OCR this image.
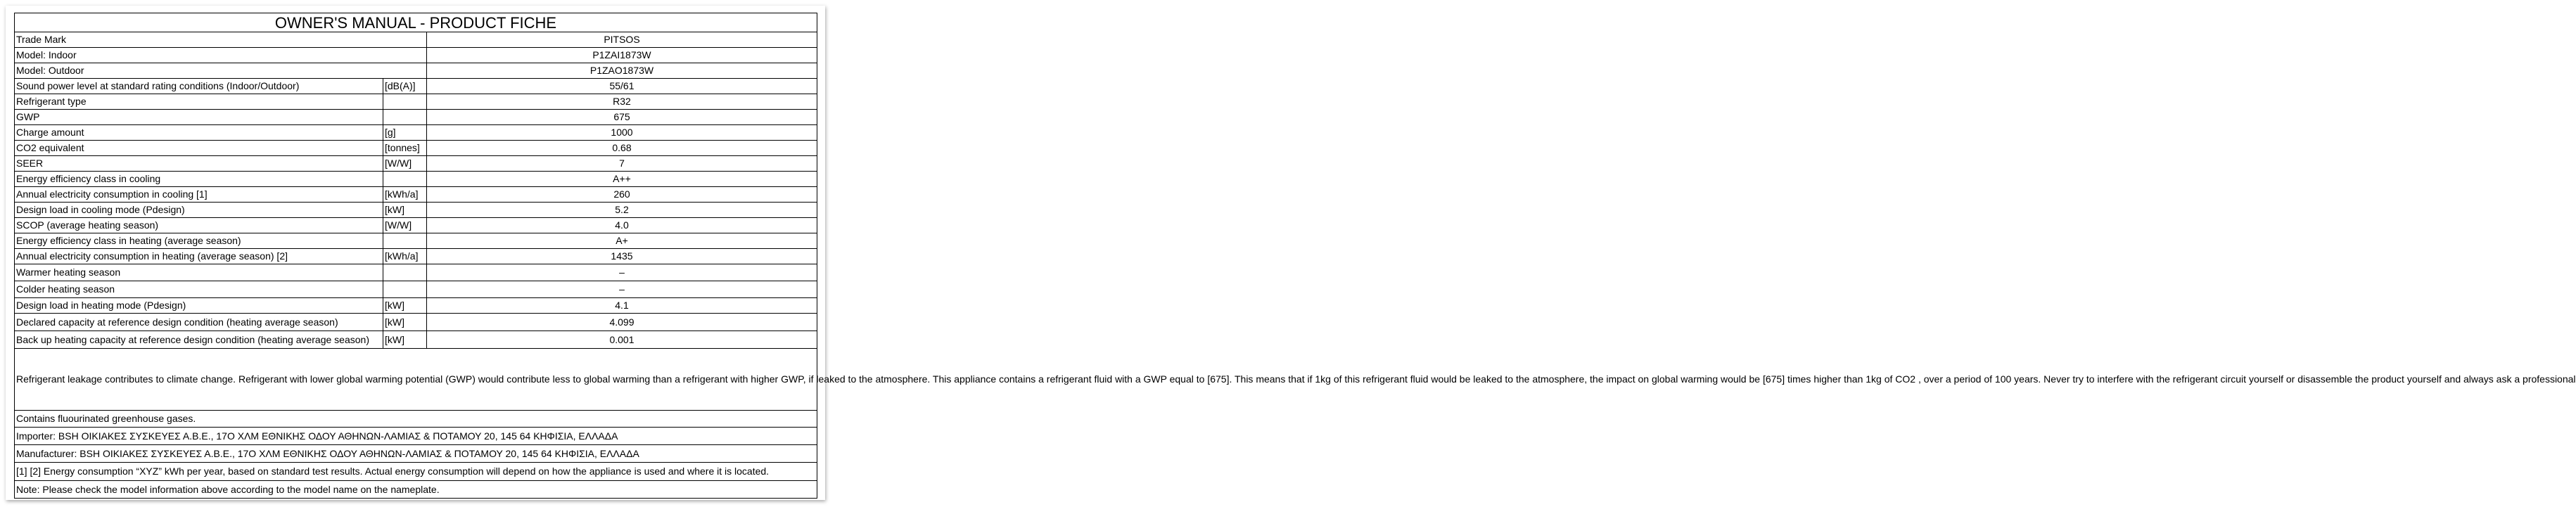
OWNER'S MANUAL - PRODUCT FICHE		
Trade Mark		PITSOS
Model: Indoor		P1ZAI1873W
Model: Outdoor		P1ZAO1873W
Sound power level at standard rating conditions (Indoor/Outdoor)	[dB(A)]	55/61
Refrigerant type		R32
GWP		675
Charge amount	[g]	1000
CO2 equivalent	[tonnes]	0.68
SEER	[W/W]	7
Energy efficiency class in cooling		A++
Annual electricity consumption in cooling [1]	[kWh/a]	260
Design load in cooling mode (Pdesign)	[kW]	5.2
SCOP (average heating season)	[W/W]	4.0
Energy efficiency class in heating (average season)		A+
Annual electricity consumption in heating (average season) [2]	[kWh/a]	1435
Warmer heating season		–
Colder heating season		–
Design load in heating mode (Pdesign)	[kW]	4.1
Declared capacity at reference design condition (heating average season)	[kW]	4.099
Back up heating capacity at reference design condition (heating average season)	[kW]	0.001
Refrigerant leakage contributes to climate change. Refrigerant with lower global warming potential (GWP) would contribute less to global warming than a refrigerant with higher GWP, if leaked to the atmosphere. This appliance contains a refrigerant fluid with a GWP equal to [675]. This means that if 1kg of this refrigerant fluid would be leaked to the atmosphere, the impact on global warming would be [675] times higher than 1kg of CO2 , over a period of 100 years. Never try to interfere with the refrigerant circuit yourself or disassemble the product yourself and always ask a professional		
Contains fluourinated greenhouse gases.		
Importer: BSH ΟΙΚΙΑΚΕΣ ΣΥΣΚΕΥΕΣ Α.Β.Ε., 17Ο ΧΛΜ ΕΘΝΙΚΗΣ ΟΔΟΥ ΑΘΗΝΩΝ-ΛΑΜΙΑΣ & ΠΟΤΑΜΟΥ 20, 145 64 ΚΗΦΙΣΙΑ, ΕΛΛΑΔΑ		
Manufacturer: BSH ΟΙΚΙΑΚΕΣ ΣΥΣΚΕΥΕΣ Α.Β.Ε., 17Ο ΧΛΜ ΕΘΝΙΚΗΣ ΟΔΟΥ ΑΘΗΝΩΝ-ΛΑΜΙΑΣ & ΠΟΤΑΜΟΥ 20, 145 64 ΚΗΦΙΣΙΑ, ΕΛΛΑΔΑ		
[1] [2] Energy consumption “XYZ” kWh per year, based on standard test results. Actual energy consumption will depend on how the appliance is used and where it is located.		
Note: Please check the model information above according to the model name on the nameplate.		
